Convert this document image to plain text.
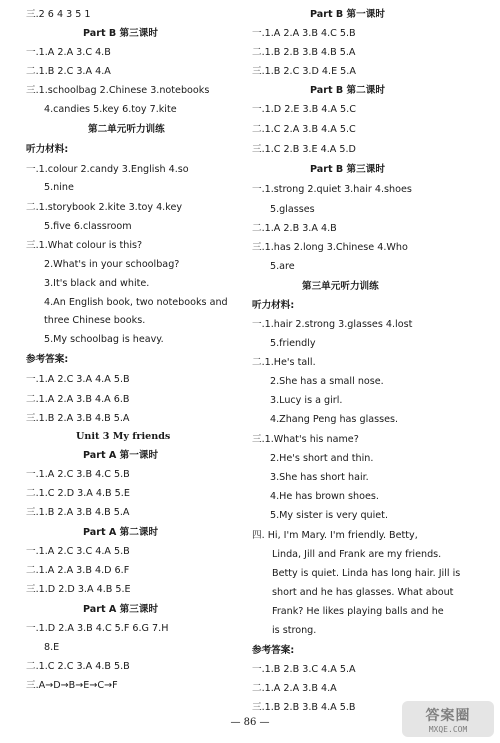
三.2 6 4 3 5 1
Part B 第三课时
一.1.A 2.A 3.C 4.B
二.1.B 2.C 3.A 4.A
三.1.schoolbag 2.Chinese 3.notebooks
4.candies 5.key 6.toy 7.kite
第二单元听力训练
听力材料:
一.1.colour 2.candy 3.English 4.so
5.nine
二.1.storybook 2.kite 3.toy 4.key
5.five 6.classroom
三.1.What colour is this?
2.What's in your schoolbag?
3.It's black and white.
4.An English book, two notebooks and
three Chinese books.
5.My schoolbag is heavy.
参考答案:
一.1.A 2.C 3.A 4.A 5.B
二.1.A 2.A 3.B 4.A 6.B
三.1.B 2.A 3.B 4.B 5.A
Unit 3 My friends
Part A 第一课时
一.1.A 2.C 3.B 4.C 5.B
二.1.C 2.D 3.A 4.B 5.E
三.1.B 2.A 3.B 4.B 5.A
Part A 第二课时
一.1.A 2.C 3.C 4.A 5.B
二.1.A 2.A 3.B 4.D 6.F
三.1.D 2.D 3.A 4.B 5.E
Part A 第三课时
一.1.D 2.A 3.B 4.C 5.F 6.G 7.H
8.E
二.1.C 2.C 3.A 4.B 5.B
三.A→D→B→E→C→F
Part B 第一课时
一.1.A 2.A 3.B 4.C 5.B
二.1.B 2.B 3.B 4.B 5.A
三.1.B 2.C 3.D 4.E 5.A
Part B 第二课时
一.1.D 2.E 3.B 4.A 5.C
二.1.C 2.A 3.B 4.A 5.C
三.1.C 2.B 3.E 4.A 5.D
Part B 第三课时
一.1.strong 2.quiet 3.hair 4.shoes
5.glasses
二.1.A 2.B 3.A 4.B
三.1.has 2.long 3.Chinese 4.Who
5.are
第三单元听力训练
听力材料:
一.1.hair 2.strong 3.glasses 4.lost
5.friendly
二.1.He's tall.
2.She has a small nose.
3.Lucy is a girl.
4.Zhang Peng has glasses.
三.1.What's his name?
2.He's short and thin.
3.She has short hair.
4.He has brown shoes.
5.My sister is very quiet.
四. Hi, I'm Mary. I'm friendly. Betty,
Linda, Jill and Frank are my friends.
Betty is quiet. Linda has long hair. Jill is
short and he has glasses. What about
Frank? He likes playing balls and he
is strong.
参考答案:
一.1.B 2.B 3.C 4.A 5.A
二.1.A 2.A 3.B 4.A
三.1.B 2.B 3.B 4.A 5.B
— 86 —	答案圈
MXQE.COM
